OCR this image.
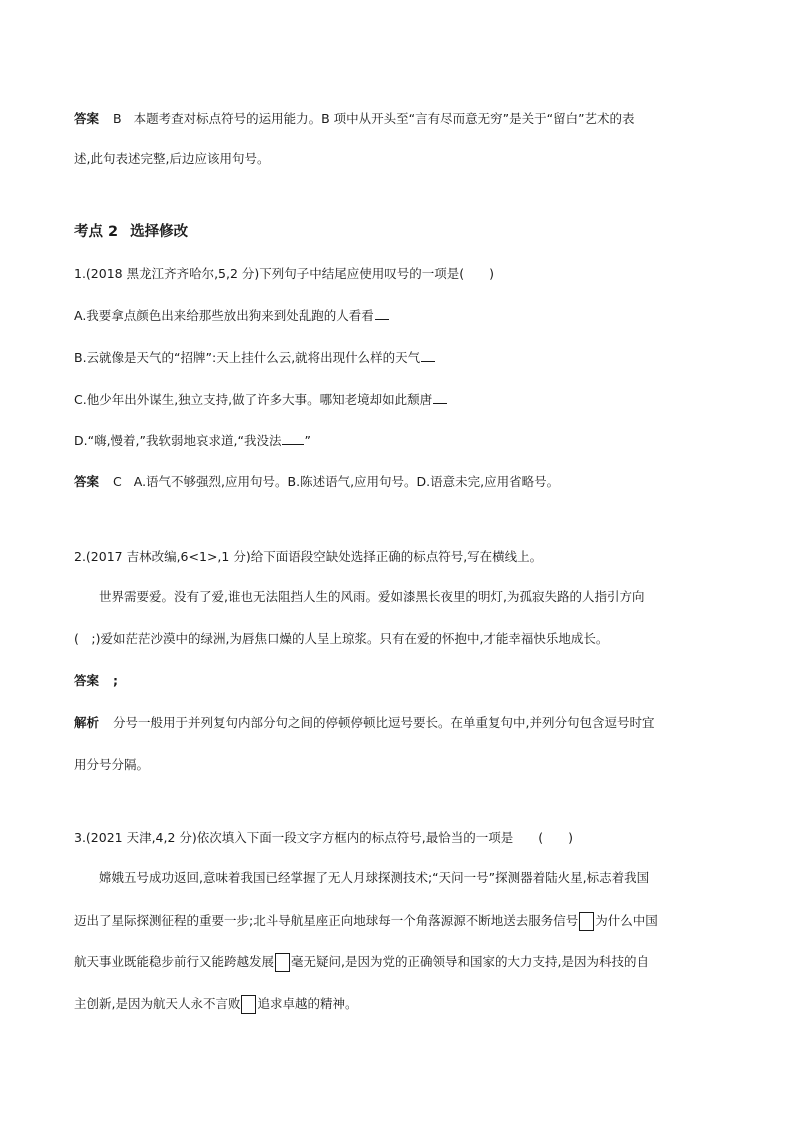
答案 B 本题考查对标点符号的运用能力。B 项中从开头至“言有尽而意无穷”是关于“留白”艺术的表
述,此句表述完整,后边应该用句号。
考点 2 选择修改
1.(2018 黑龙江齐齐哈尔,5,2 分)下列句子中结尾应使用叹号的一项是(　　)
A.我要拿点颜色出来给那些放出狗来到处乱跑的人看看
B.云就像是天气的“招牌”:天上挂什么云,就将出现什么样的天气
C.他少年出外谋生,独立支持,做了许多大事。哪知老境却如此颓唐
D.“嗨,慢着,”我软弱地哀求道,“我没法 ”
答案 C A.语气不够强烈,应用句号。B.陈述语气,应用句号。D.语意未完,应用省略号。
2.(2017 吉林改编,6<1>,1 分)给下面语段空缺处选择正确的标点符号,写在横线上。
世界需要爱。没有了爱,谁也无法阻挡人生的风雨。爱如漆黑长夜里的明灯,为孤寂失路的人指引方向
(　;)爱如茫茫沙漠中的绿洲,为唇焦口燥的人呈上琼浆。只有在爱的怀抱中,才能幸福快乐地成长。
答案 ;
解析 分号一般用于并列复句内部分句之间的停顿停顿比逗号要长。在单重复句中,并列分句包含逗号时宜
用分号分隔。
3.(2021 天津,4,2 分)依次填入下面一段文字方框内的标点符号,最恰当的一项是　　(　　)
嫦娥五号成功返回,意味着我国已经掌握了无人月球探测技术;“天问一号”探测器着陆火星,标志着我国
迈出了星际探测征程的重要一步;北斗导航星座正向地球每一个角落源源不断地送去服务信号 为什么中国
航天事业既能稳步前行又能跨越发展 毫无疑问,是因为党的正确领导和国家的大力支持,是因为科技的自
主创新,是因为航天人永不言败 追求卓越的精神。
